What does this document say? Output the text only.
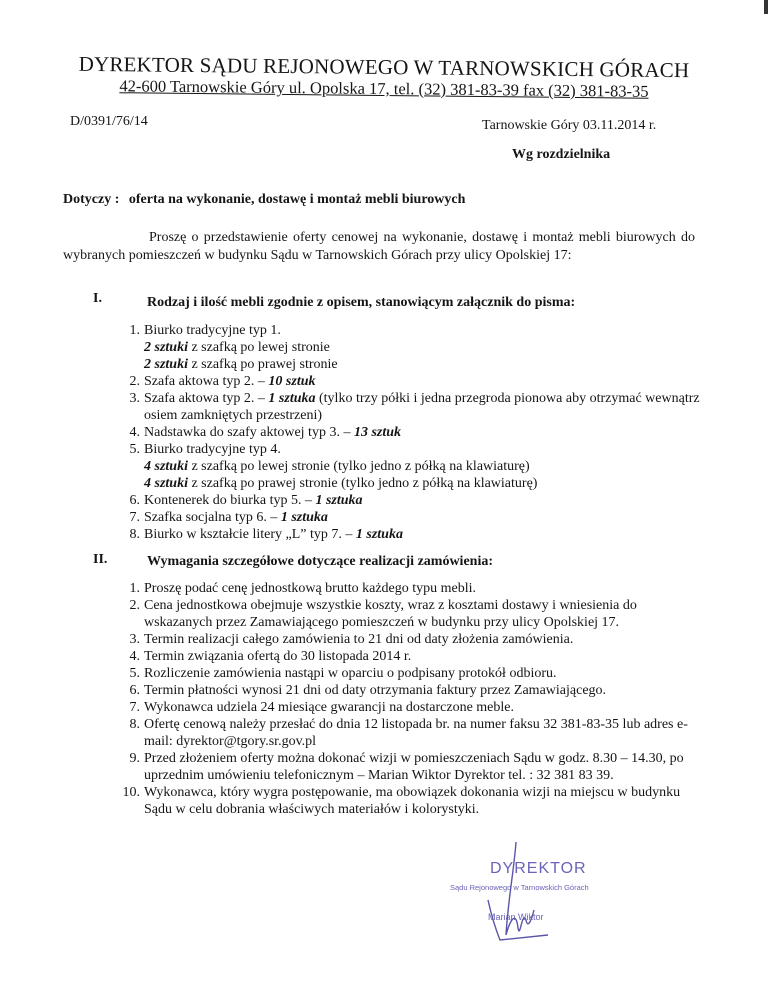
DYREKTOR SĄDU REJONOWEGO W TARNOWSKICH GÓRACH
42-600 Tarnowskie Góry ul. Opolska 17, tel. (32) 381-83-39 fax (32) 381-83-35
D/0391/76/14	Tarnowskie Góry 03.11.2014 r.
Wg rozdzielnika
Dotyczy : oferta na wykonanie, dostawę i montaż mebli biurowych

Proszę o przedstawienie oferty cenowej na wykonanie, dostawę i montaż mebli biurowych do wybranych pomieszczeń w budynku Sądu w Tarnowskich Górach przy ulicy Opolskiej 17:

I.	Rodzaj i ilość mebli zgodnie z opisem, stanowiącym załącznik do pisma:
1. Biurko tradycyjne typ 1.
2 sztuki z szafką po lewej stronie
2 sztuki z szafką po prawej stronie
2. Szafa aktowa typ 2. – 10 sztuk
3. Szafa aktowa typ 2. – 1 sztuka (tylko trzy półki i jedna przegroda pionowa aby otrzymać wewnątrz osiem zamkniętych przestrzeni)
4. Nadstawka do szafy aktowej typ 3. – 13 sztuk
5. Biurko tradycyjne typ 4.
4 sztuki z szafką po lewej stronie (tylko jedno z półką na klawiaturę)
4 sztuki z szafką po prawej stronie (tylko jedno z półką na klawiaturę)
6. Kontenerek do biurka typ 5. – 1 sztuka
7. Szafka socjalna typ 6. – 1 sztuka
8. Biurko w kształcie litery „L” typ 7. – 1 sztuka
II.	Wymagania szczegółowe dotyczące realizacji zamówienia:
1. Proszę podać cenę jednostkową brutto każdego typu mebli.
2. Cena jednostkowa obejmuje wszystkie koszty, wraz z kosztami dostawy i wniesienia do wskazanych przez Zamawiającego pomieszczeń w budynku przy ulicy Opolskiej 17.
3. Termin realizacji całego zamówienia to 21 dni od daty złożenia zamówienia.
4. Termin związania ofertą do 30 listopada 2014 r.
5. Rozliczenie zamówienia nastąpi w oparciu o podpisany protokół odbioru.
6. Termin płatności wynosi 21 dni od daty otrzymania faktury przez Zamawiającego.
7. Wykonawca udziela 24 miesiące gwarancji na dostarczone meble.
8. Ofertę cenową należy przesłać do dnia 12 listopada br. na numer faksu 32 381-83-35 lub adres e-mail: dyrektor@tgory.sr.gov.pl
9. Przed złożeniem oferty można dokonać wizji w pomieszczeniach Sądu w godz. 8.30 – 14.30, po uprzednim umówieniu telefonicznym – Marian Wiktor Dyrektor tel. : 32 381 83 39.
10. Wykonawca, który wygra postępowanie, ma obowiązek dokonania wizji na miejscu w budynku Sądu w celu dobrania właściwych materiałów i kolorystyki.
DYREKTOR
Sądu Rejonowego w Tarnowskich Górach
Marian Wiktor
